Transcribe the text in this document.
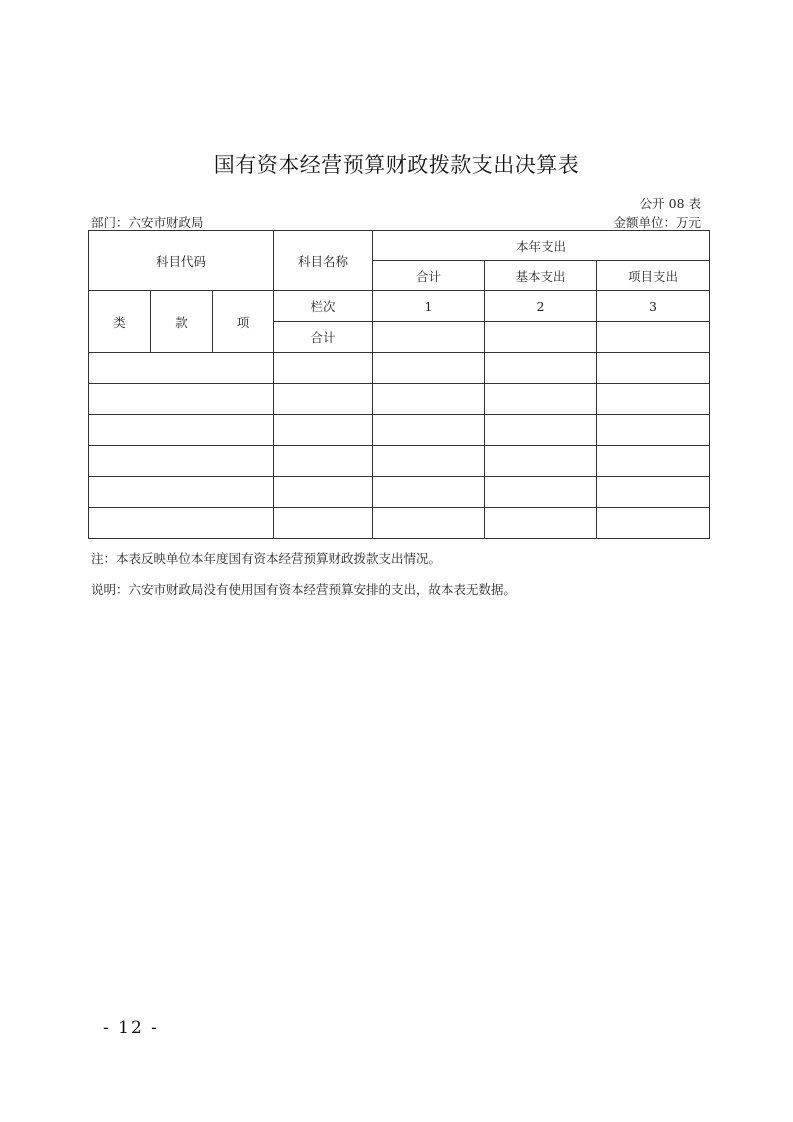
国有资本经营预算财政拨款支出决算表
公开 08 表
部门：六安市财政局	金额单位：万元
科目代码			科目名称	本年支出		
				合计	基本支出	项目支出
类	款	项	栏次	1	2	3
			合计			

注：本表反映单位本年度国有资本经营预算财政拨款支出情况。
说明：六安市财政局没有使用国有资本经营预算安排的支出，故本表无数据。
- 12 -
